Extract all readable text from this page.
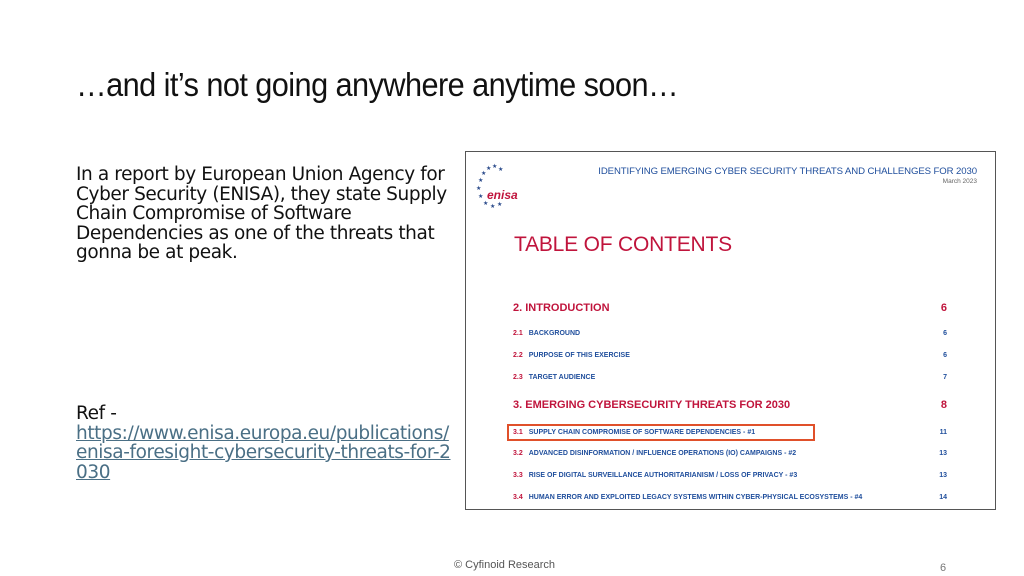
…and it’s not going anywhere anytime soon…
In a report by European Union Agency for Cyber Security (ENISA), they state Supply Chain Compromise of Software Dependencies as one of the threats that gonna be at peak.
Ref -
https://www.enisa.europa.eu/publications/enisa-foresight-cybersecurity-threats-for-2030
★ ★ ★
★
★
★
★
★ ★ ★
enisa
IDENTIFYING EMERGING CYBER SECURITY THREATS AND CHALLENGES FOR 2030
March 2023
TABLE OF CONTENTS
2. INTRODUCTION	6
2.1 BACKGROUND	6
2.2 PURPOSE OF THIS EXERCISE	6
2.3 TARGET AUDIENCE	7
3. EMERGING CYBERSECURITY THREATS FOR 2030	8
3.1 SUPPLY CHAIN COMPROMISE OF SOFTWARE DEPENDENCIES - #1	11
3.2 ADVANCED DISINFORMATION / INFLUENCE OPERATIONS (IO) CAMPAIGNS - #2	13
3.3 RISE OF DIGITAL SURVEILLANCE AUTHORITARIANISM / LOSS OF PRIVACY - #3	13
3.4 HUMAN ERROR AND EXPLOITED LEGACY SYSTEMS WITHIN CYBER-PHYSICAL ECOSYSTEMS - #4	14
© Cyfinoid Research	6
